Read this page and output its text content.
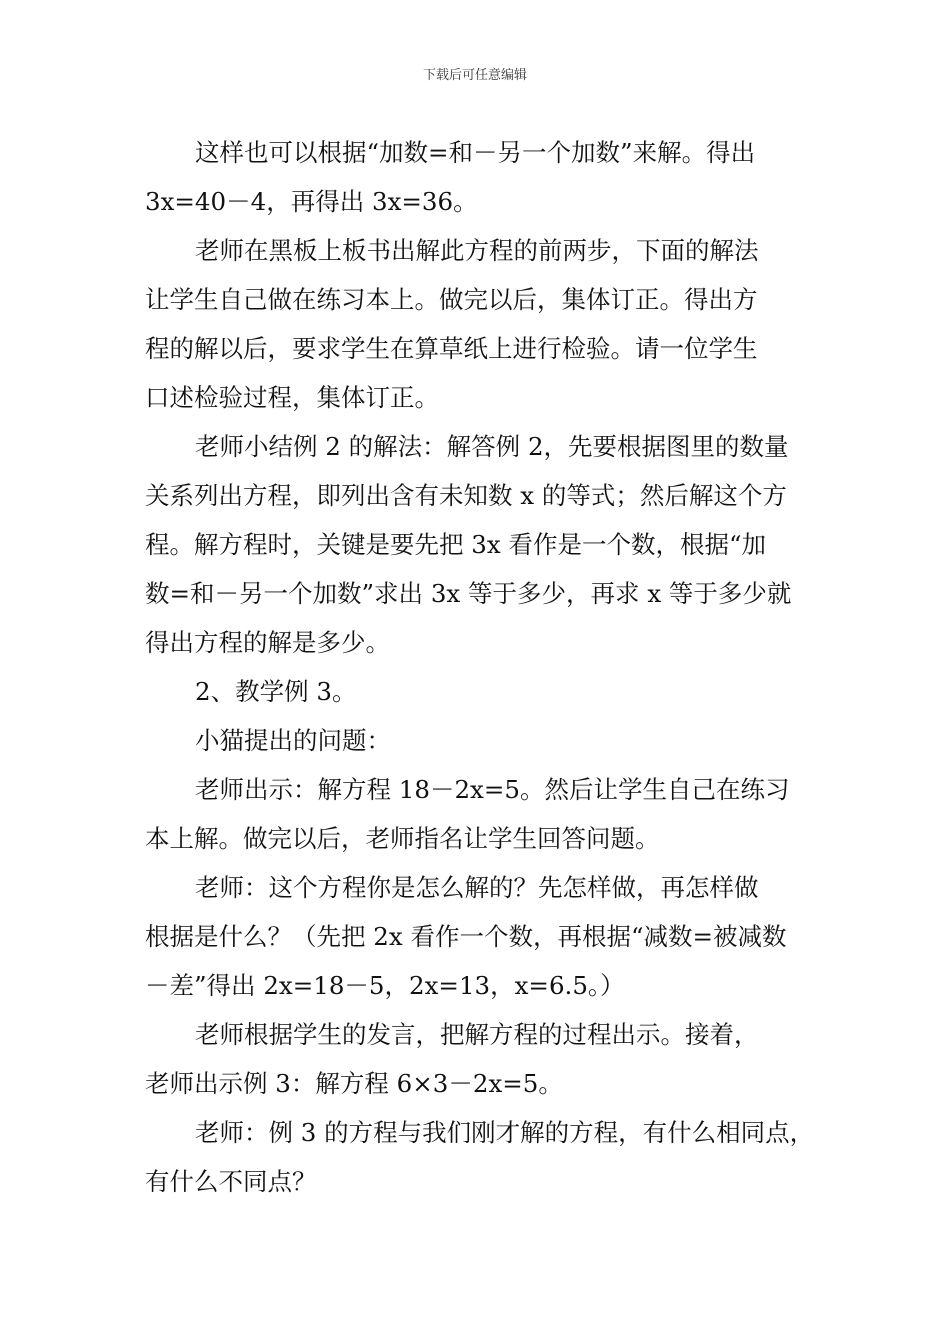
下载后可任意编辑

这样也可以根据“加数=和－另一个加数”来解。得出
3x=40－4，再得出 3x=36。

老师在黑板上板书出解此方程的前两步，下面的解法
让学生自己做在练习本上。做完以后，集体订正。得出方
程的解以后，要求学生在算草纸上进行检验。请一位学生
口述检验过程，集体订正。

老师小结例 2 的解法：解答例 2，先要根据图里的数量
关系列出方程，即列出含有未知数 x 的等式；然后解这个方
程。解方程时，关键是要先把 3x 看作是一个数，根据“加
数=和－另一个加数”求出 3x 等于多少，再求 x 等于多少就
得出方程的解是多少。

2、教学例 3。

小猫提出的问题：

老师出示：解方程 18－2x=5。然后让学生自己在练习
本上解。做完以后，老师指名让学生回答问题。

老师：这个方程你是怎么解的？先怎样做，再怎样做
根据是什么？（先把 2x 看作一个数，再根据“减数=被减数
－差”得出 2x=18－5，2x=13，x=6.5。）

老师根据学生的发言，把解方程的过程出示。接着，
老师出示例 3：解方程 6×3－2x=5。

老师：例 3 的方程与我们刚才解的方程，有什么相同点，
有什么不同点？
